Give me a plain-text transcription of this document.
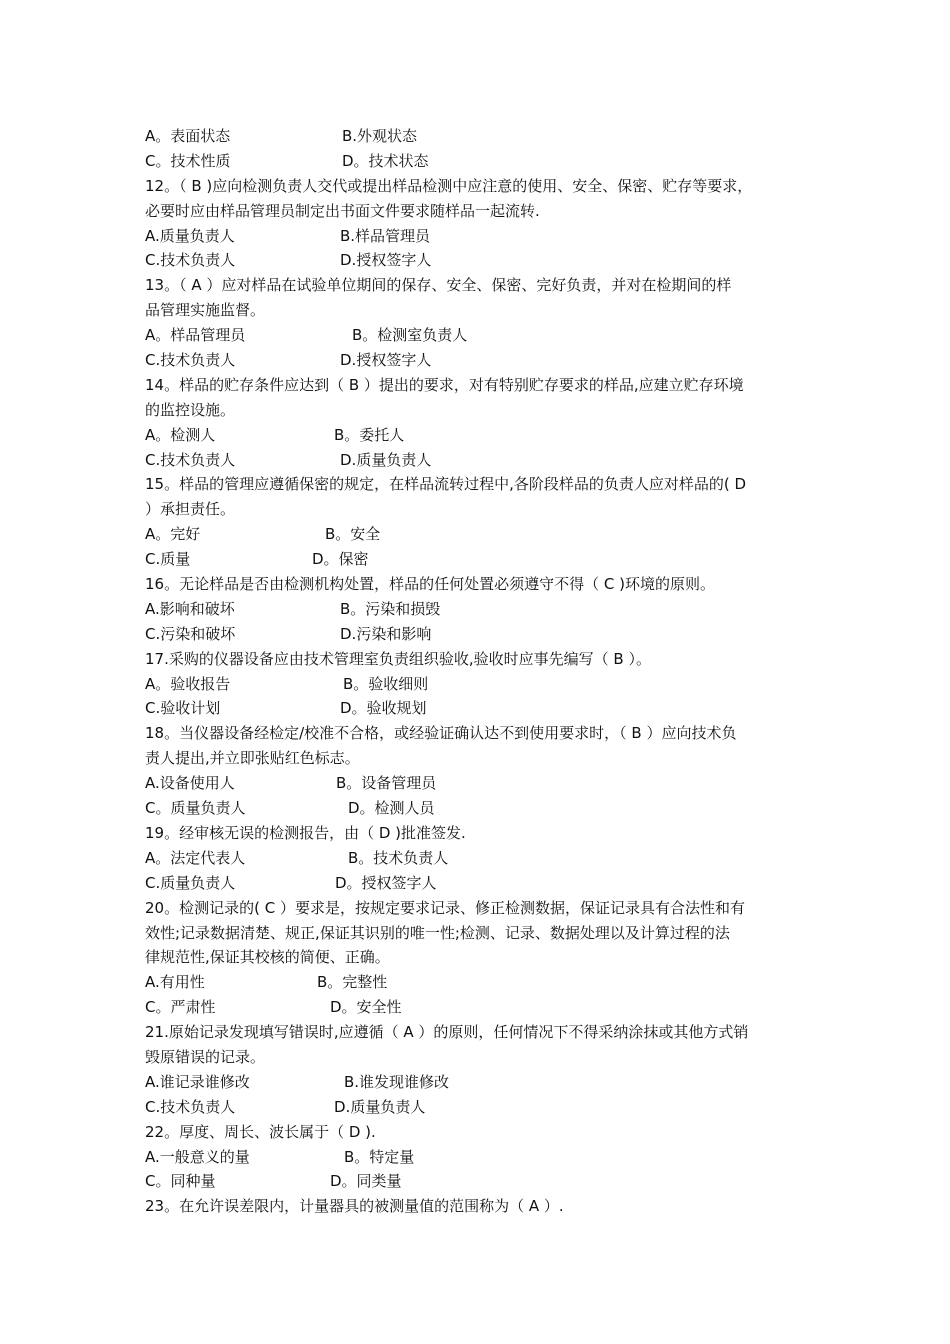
A。表面状态	B.外观状态
C。技术性质	D。技术状态
12。（ B )应向检测负责人交代或提出样品检测中应注意的使用、安全、保密、贮存等要求，
必要时应由样品管理员制定出书面文件要求随样品一起流转.
A.质量负责人	B.样品管理员
C.技术负责人	D.授权签字人
13。（ A ）应对样品在试验单位期间的保存、安全、保密、完好负责，并对在检期间的样
品管理实施监督。
A。样品管理员	B。检测室负责人
C.技术负责人	D.授权签字人
14。样品的贮存条件应达到（ B ）提出的要求，对有特别贮存要求的样品,应建立贮存环境
的监控设施。
A。检测人	B。委托人
C.技术负责人	D.质量负责人
15。样品的管理应遵循保密的规定，在样品流转过程中,各阶段样品的负责人应对样品的( D
）承担责任。
A。完好	B。安全
C.质量	D。保密
16。无论样品是否由检测机构处置，样品的任何处置必须遵守不得（ C )环境的原则。
A.影响和破坏	B。污染和损毁
C.污染和破坏	D.污染和影响
17.采购的仪器设备应由技术管理室负责组织验收,验收时应事先编写（ B ）。
A。验收报告	B。验收细则
C.验收计划	D。验收规划
18。当仪器设备经检定/校准不合格，或经验证确认达不到使用要求时，（ B ）应向技术负
责人提出,并立即张贴红色标志。
A.设备使用人	B。设备管理员
C。质量负责人	D。检测人员
19。经审核无误的检测报告，由（ D )批准签发.
A。法定代表人	B。技术负责人
C.质量负责人	D。授权签字人
20。检测记录的( C ）要求是，按规定要求记录、修正检测数据，保证记录具有合法性和有
效性;记录数据清楚、规正,保证其识别的唯一性;检测、记录、数据处理以及计算过程的法
律规范性,保证其校核的简便、正确。
A.有用性	B。完整性
C。严肃性	D。安全性
21.原始记录发现填写错误时,应遵循（ A ）的原则，任何情况下不得采纳涂抹或其他方式销
毁原错误的记录。
A.谁记录谁修改	B.谁发现谁修改
C.技术负责人	D.质量负责人
22。厚度、周长、波长属于（ D ).
A.一般意义的量	B。特定量
C。同种量	D。同类量
23。在允许误差限内，计量器具的被测量值的范围称为（ A ）.
